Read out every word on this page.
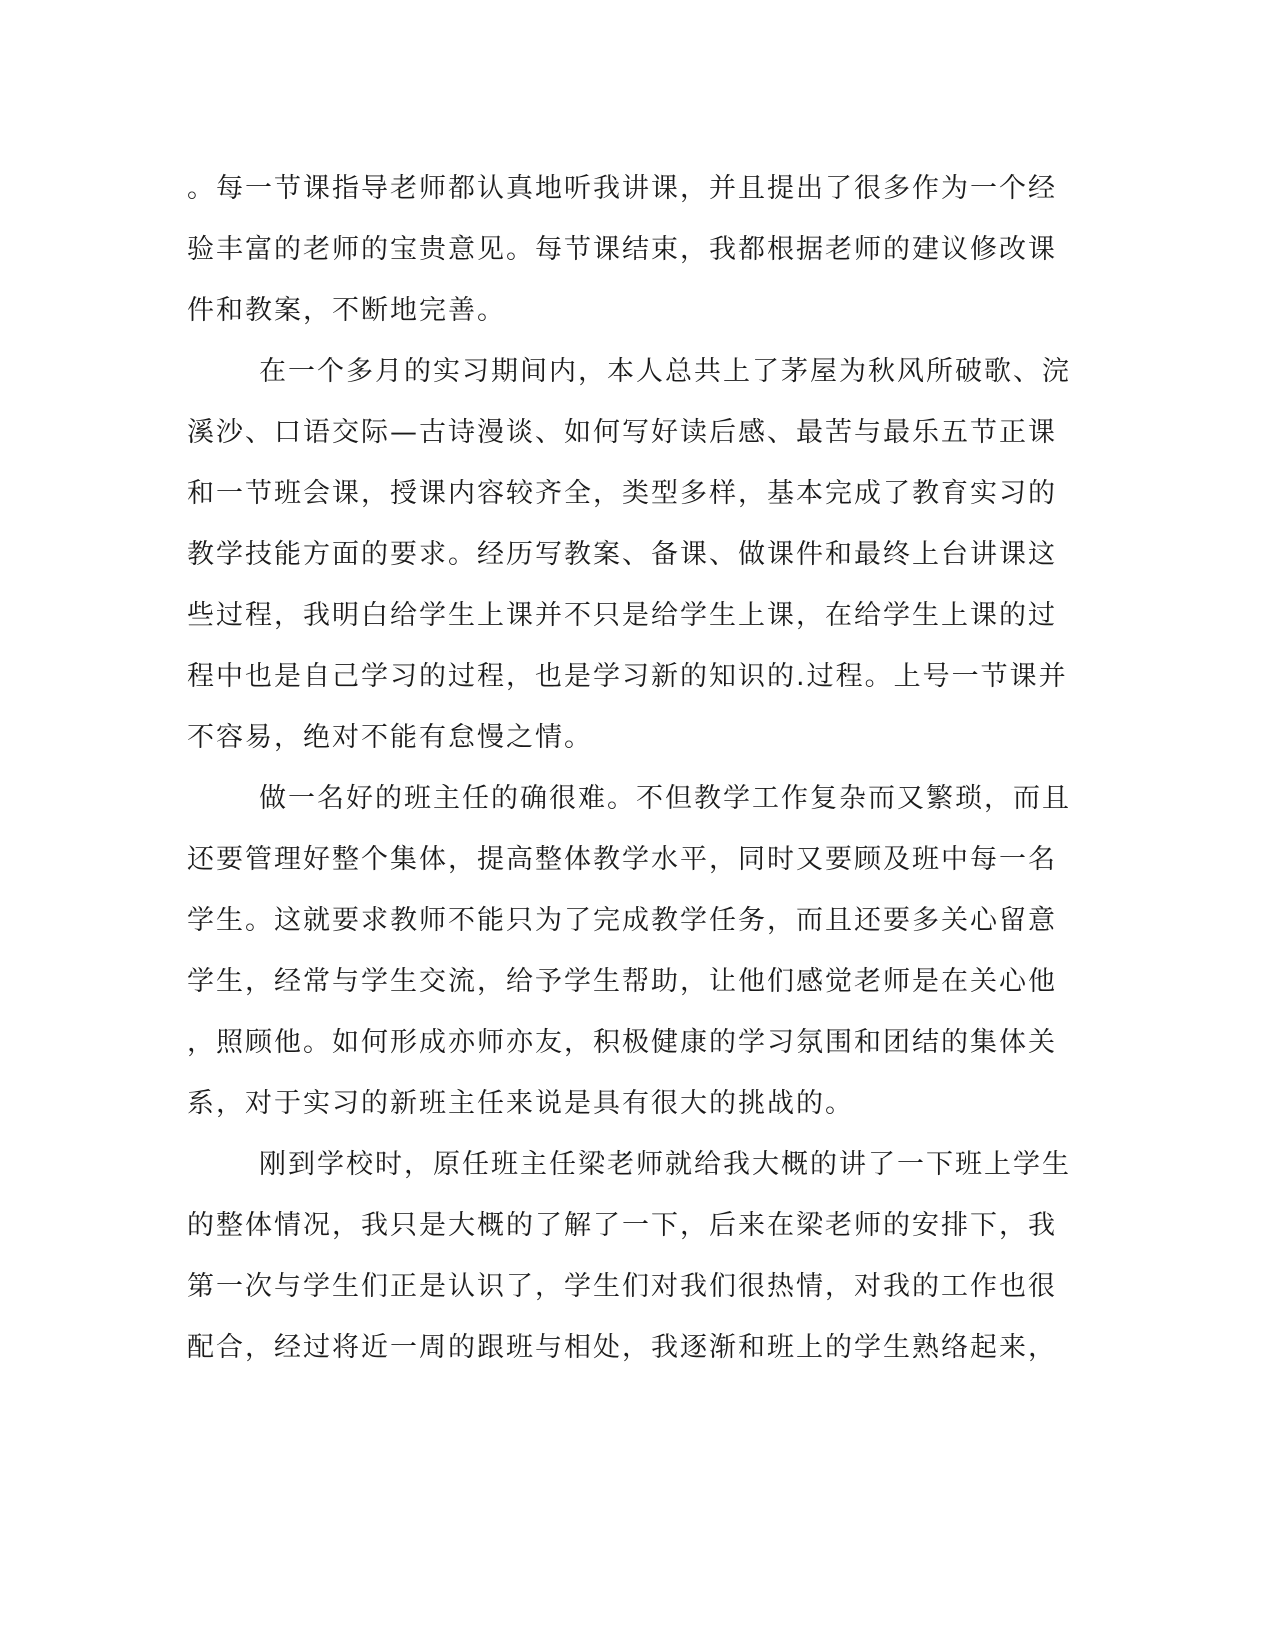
。每一节课指导老师都认真地听我讲课，并且提出了很多作为一个经
验丰富的老师的宝贵意见。每节课结束，我都根据老师的建议修改课
件和教案，不断地完善。
在一个多月的实习期间内，本人总共上了茅屋为秋风所破歌、浣
溪沙、口语交际—古诗漫谈、如何写好读后感、最苦与最乐五节正课
和一节班会课，授课内容较齐全，类型多样，基本完成了教育实习的
教学技能方面的要求。经历写教案、备课、做课件和最终上台讲课这
些过程，我明白给学生上课并不只是给学生上课，在给学生上课的过
程中也是自己学习的过程，也是学习新的知识的.过程。上号一节课并
不容易，绝对不能有怠慢之情。
做一名好的班主任的确很难。不但教学工作复杂而又繁琐，而且
还要管理好整个集体，提高整体教学水平，同时又要顾及班中每一名
学生。这就要求教师不能只为了完成教学任务，而且还要多关心留意
学生，经常与学生交流，给予学生帮助，让他们感觉老师是在关心他
，照顾他。如何形成亦师亦友，积极健康的学习氛围和团结的集体关
系，对于实习的新班主任来说是具有很大的挑战的。
刚到学校时，原任班主任梁老师就给我大概的讲了一下班上学生
的整体情况，我只是大概的了解了一下，后来在梁老师的安排下，我
第一次与学生们正是认识了，学生们对我们很热情，对我的工作也很
配合，经过将近一周的跟班与相处，我逐渐和班上的学生熟络起来，
